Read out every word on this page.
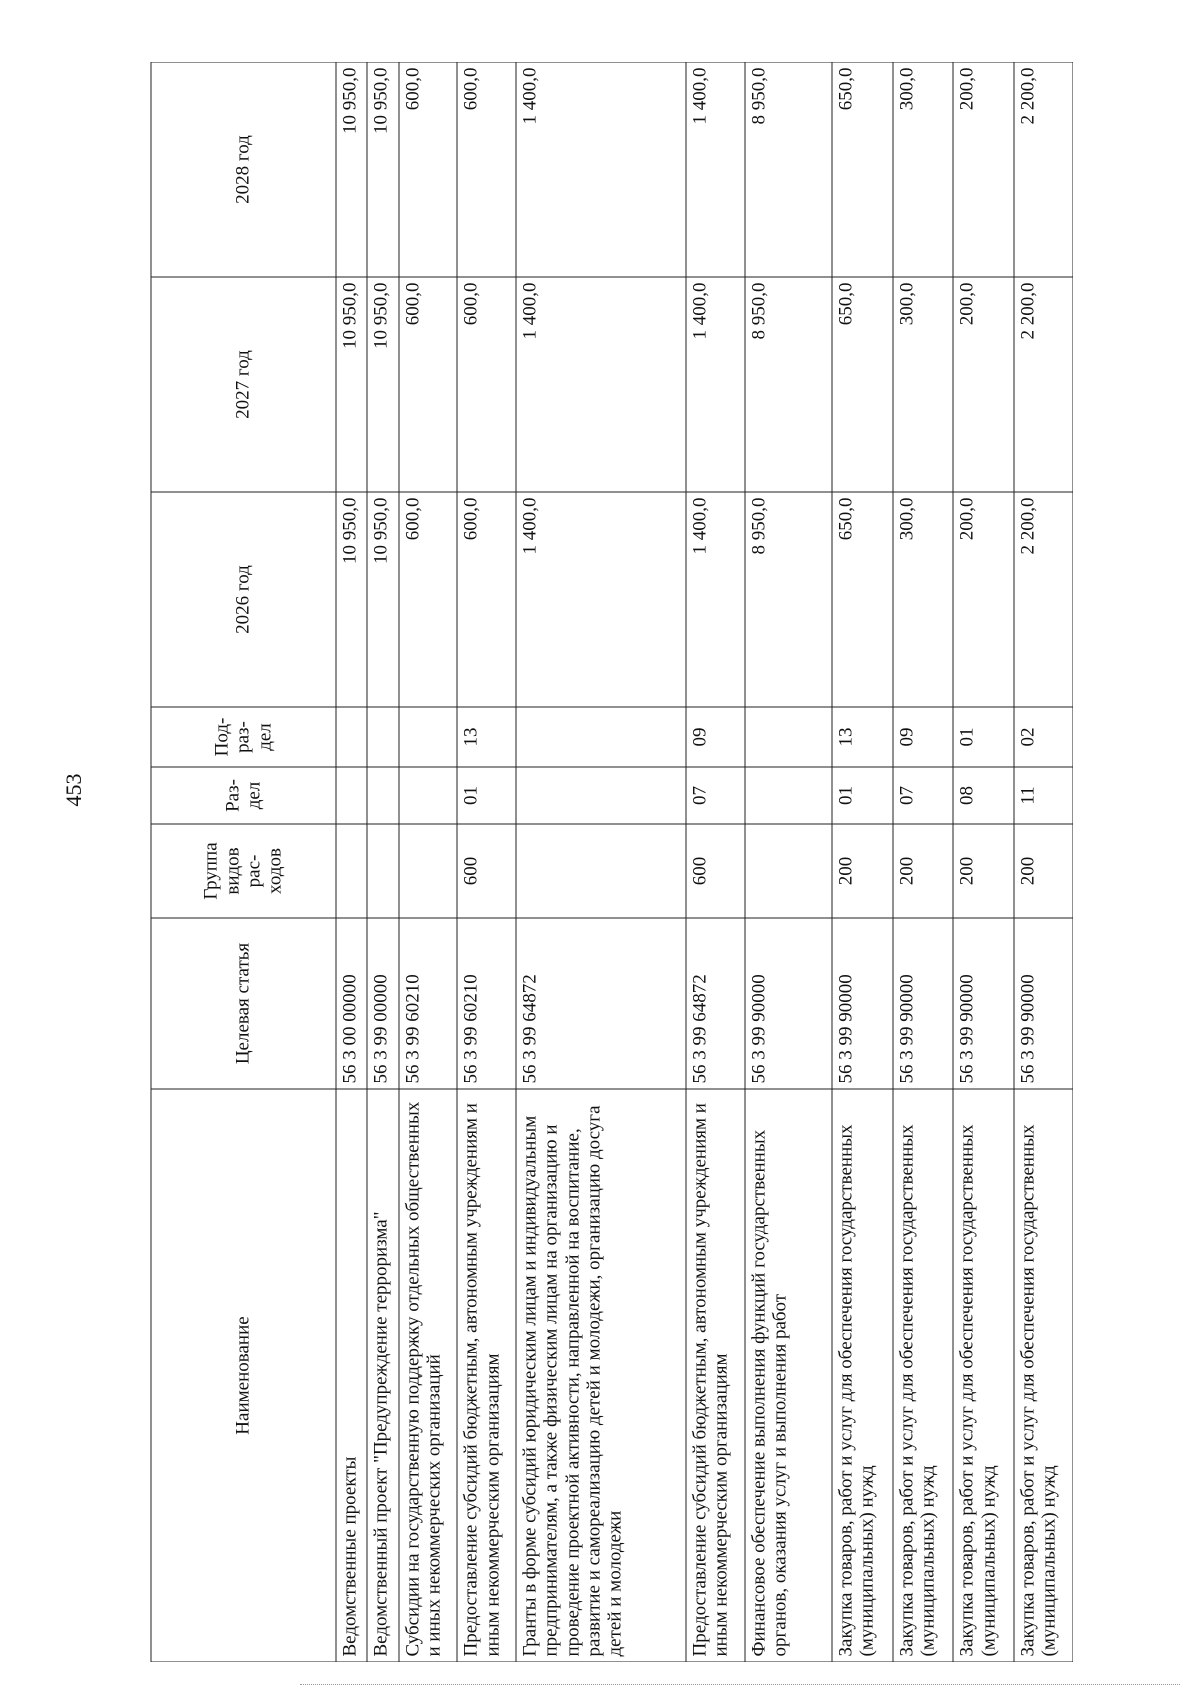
453
Наименование	Целевая статья	Группа видов рас- ходов	Раз- дел	Под- раз- дел	2026 год	2027 год	2028 год
Ведомственные проекты	56 3 00 00000				10 950,0	10 950,0	10 950,0
Ведомственный проект "Предупреждение терроризма"	56 3 99 00000				10 950,0	10 950,0	10 950,0
Субсидии на государственную поддержку отдельных общественных и иных некоммерческих организаций	56 3 99 60210				600,0	600,0	600,0
Предоставление субсидий бюджетным, автономным учреждениям и иным некоммерческим организациям	56 3 99 60210	600	01	13	600,0	600,0	600,0
Гранты в форме субсидий юридическим лицам и индивидуальным предпринимателям, а также физическим лицам на организацию и проведение проектной активности, направленной на воспитание, развитие и самореализацию детей и молодежи, организацию досуга детей и молодежи	56 3 99 64872				1 400,0	1 400,0	1 400,0
Предоставление субсидий бюджетным, автономным учреждениям и иным некоммерческим организациям	56 3 99 64872	600	07	09	1 400,0	1 400,0	1 400,0
Финансовое обеспечение выполнения функций государственных органов, оказания услуг и выполнения работ	56 3 99 90000				8 950,0	8 950,0	8 950,0
Закупка товаров, работ и услуг для обеспечения государственных (муниципальных) нужд	56 3 99 90000	200	01	13	650,0	650,0	650,0
Закупка товаров, работ и услуг для обеспечения государственных (муниципальных) нужд	56 3 99 90000	200	07	09	300,0	300,0	300,0
Закупка товаров, работ и услуг для обеспечения государственных (муниципальных) нужд	56 3 99 90000	200	08	01	200,0	200,0	200,0
Закупка товаров, работ и услуг для обеспечения государственных (муниципальных) нужд	56 3 99 90000	200	11	02	2 200,0	2 200,0	2 200,0
